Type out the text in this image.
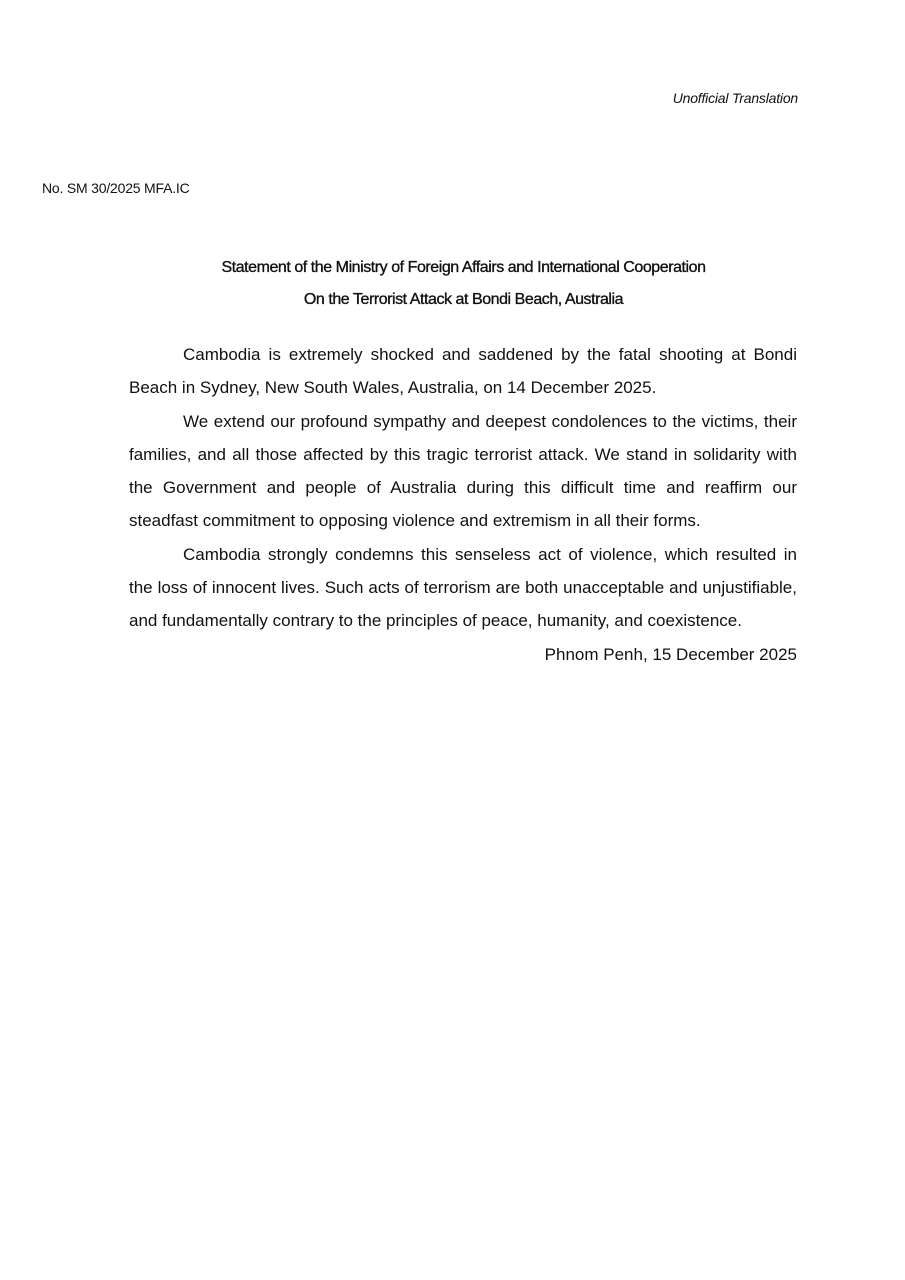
Unofficial Translation
No. SM 30/2025 MFA.IC

Statement of the Ministry of Foreign Affairs and International Cooperation

On the Terrorist Attack at Bondi Beach, Australia

Cambodia is extremely shocked and saddened by the fatal shooting at Bondi Beach in Sydney, New South Wales, Australia, on 14 December 2025.

We extend our profound sympathy and deepest condolences to the victims, their families, and all those affected by this tragic terrorist attack. We stand in solidarity with the Government and people of Australia during this difficult time and reaffirm our steadfast commitment to opposing violence and extremism in all their forms.

Cambodia strongly condemns this senseless act of violence, which resulted in the loss of innocent lives. Such acts of terrorism are both unacceptable and unjustifiable, and fundamentally contrary to the principles of peace, humanity, and coexistence.

Phnom Penh, 15 December 2025
